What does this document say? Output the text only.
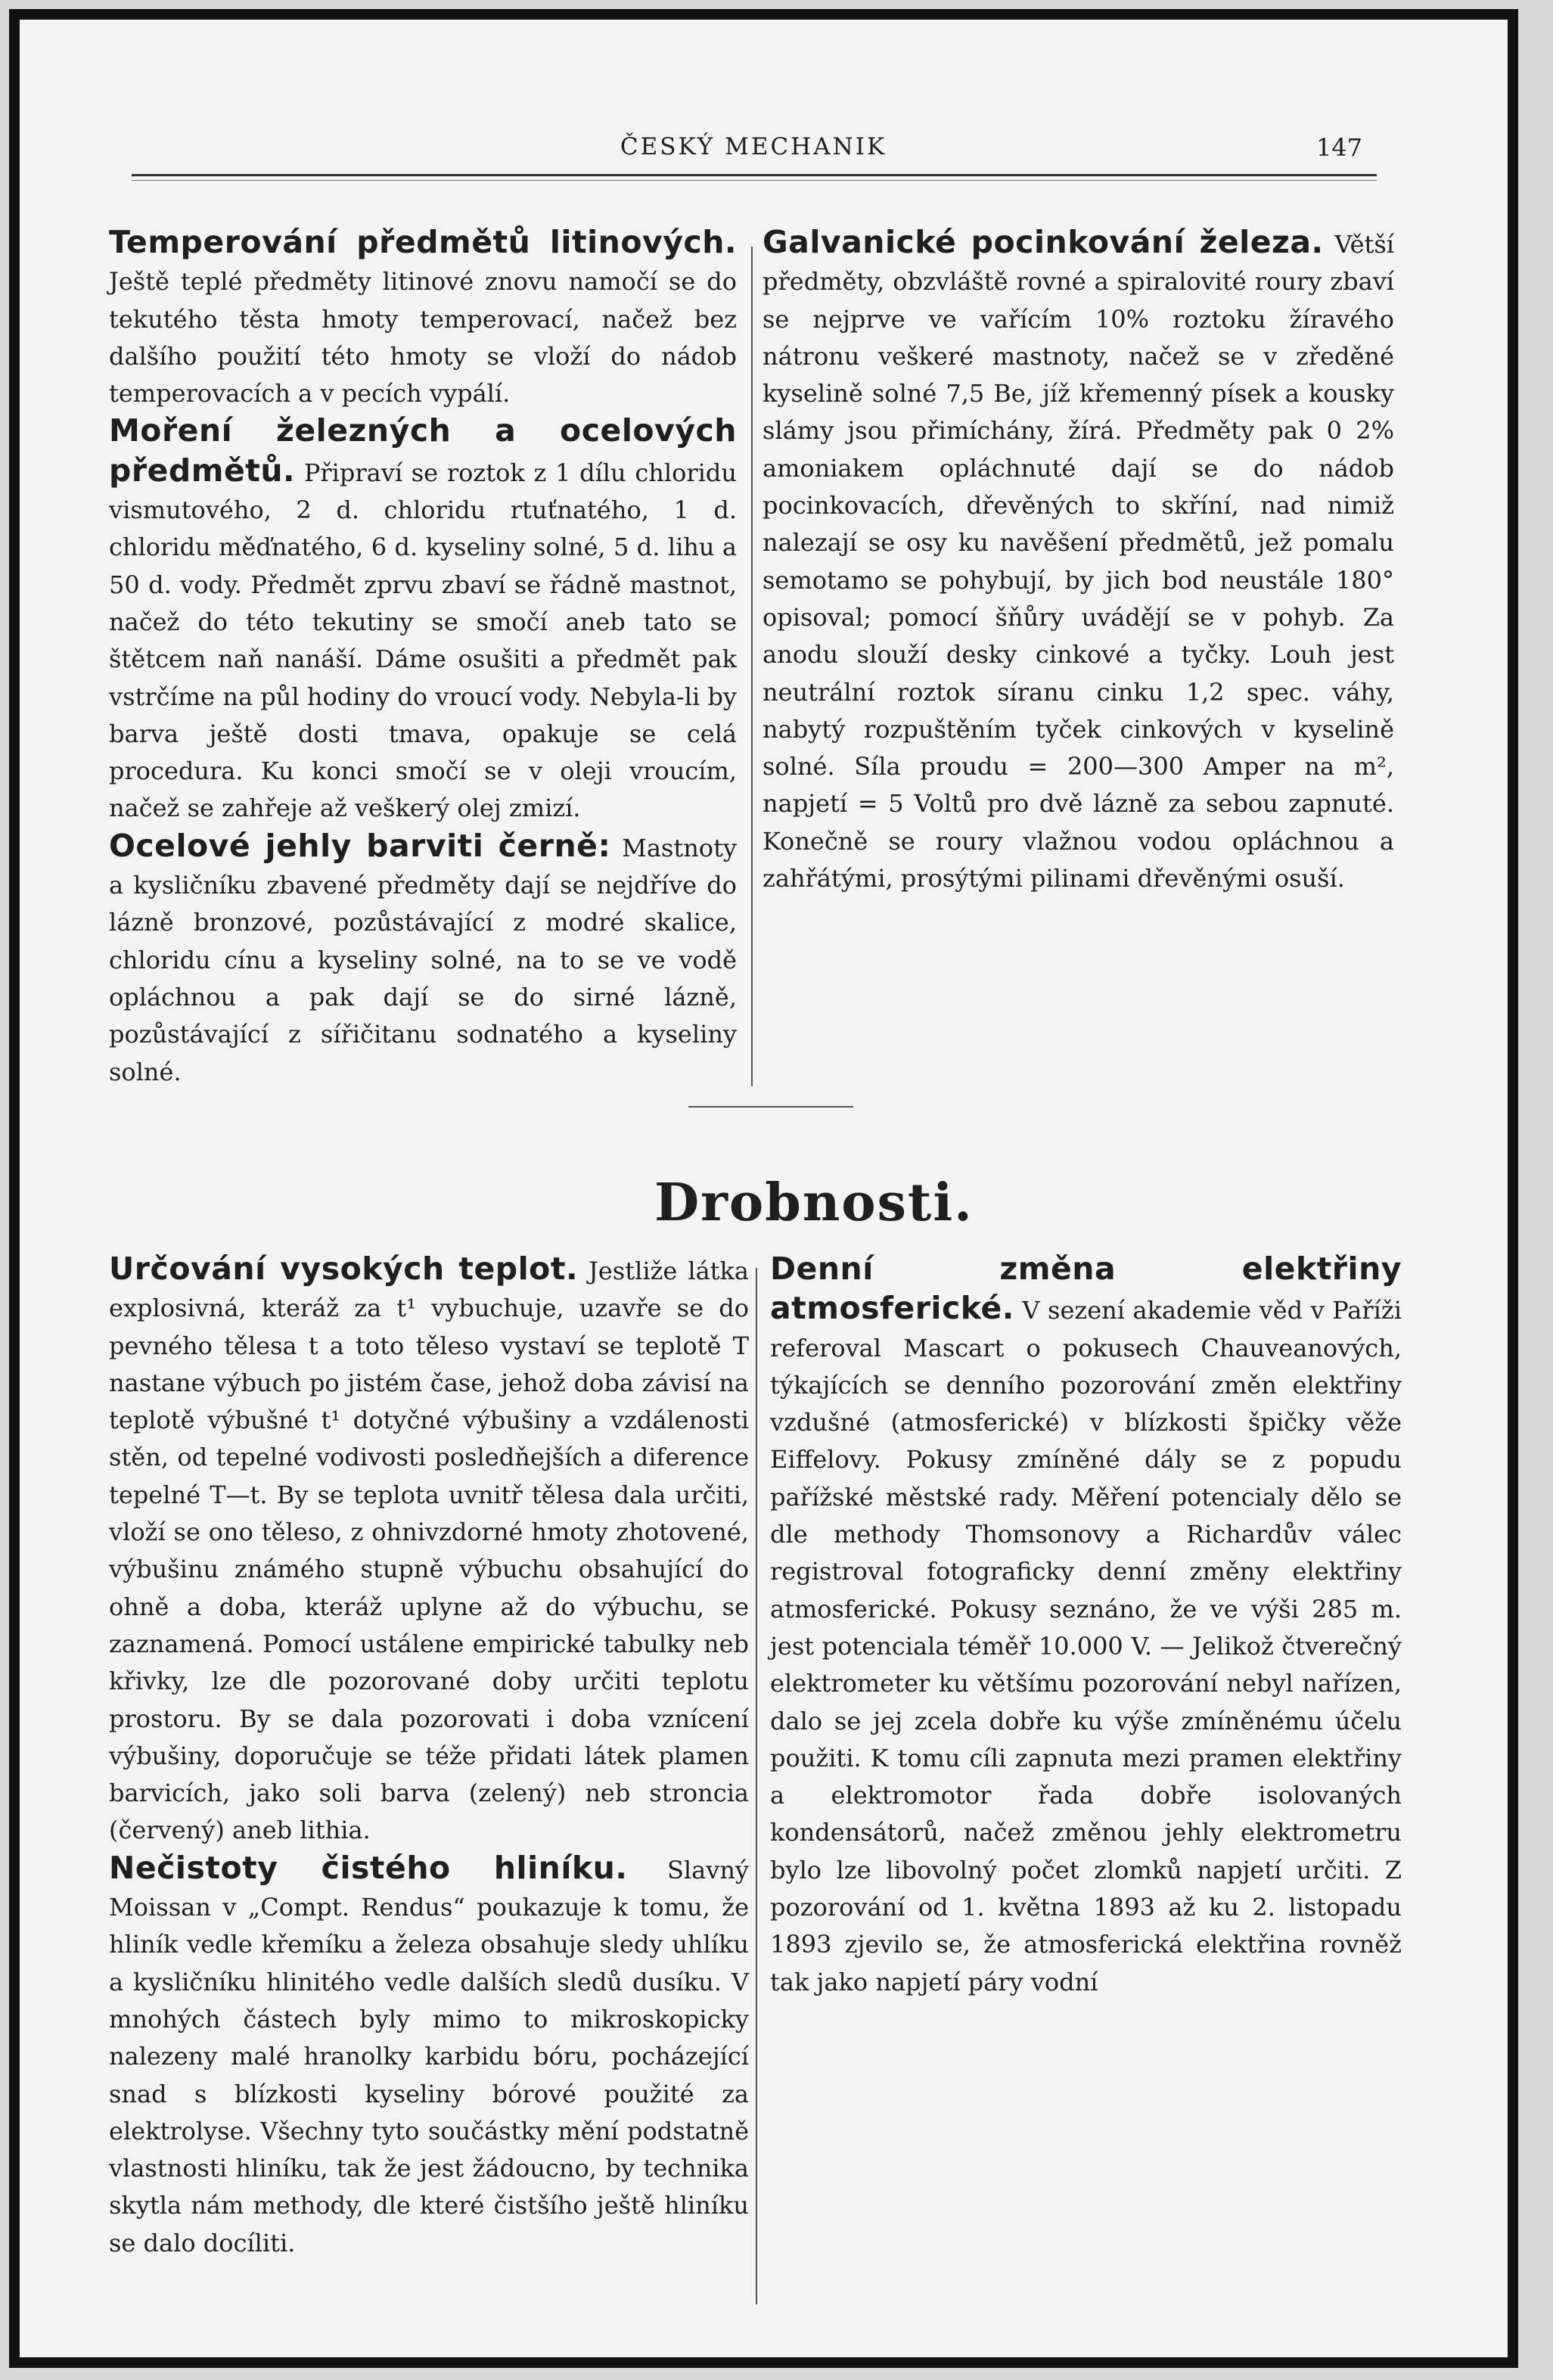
ČESKÝ MECHANIK	147

Temperování předmětů litinových. Ještě teplé předměty litinové znovu namočí se do tekutého těsta hmoty temperovací, načež bez dalšího použití této hmoty se vloží do nádob temperovacích a v pecích vypálí.

Moření železných a ocelových předmětů. Připraví se roztok z 1 dílu chloridu vismutového, 2 d. chloridu rtuťnatého, 1 d. chloridu měďnatého, 6 d. kyseliny solné, 5 d. lihu a 50 d. vody. Předmět zprvu zbaví se řádně mastnot, načež do této tekutiny se smočí aneb tato se štětcem naň nanáší. Dáme osušiti a předmět pak vstrčíme na půl hodiny do vroucí vody. Nebyla-li by barva ještě dosti tmava, opakuje se celá procedura. Ku konci smočí se v oleji vroucím, načež se zahřeje až veškerý olej zmizí.

Ocelové jehly barviti černě: Mastnoty a kysličníku zbavené předměty dají se nejdříve do lázně bronzové, pozůstávající z modré skalice, chloridu cínu a kyseliny solné, na to se ve vodě opláchnou a pak dají se do sirné lázně, pozůstávající z sířičitanu sodnatého a kyseliny solné.

Galvanické pocinkování železa. Větší předměty, obzvláště rovné a spiralovité roury zbaví se nejprve ve vařícím 10% roztoku žíravého nátronu veškeré mastnoty, načež se v zředěné kyselině solné 7,5 Be, jíž křemenný písek a kousky slámy jsou přimíchány, žírá. Předměty pak 0 2% amoniakem opláchnuté dají se do nádob pocinkovacích, dřevěných to skříní, nad nimiž nalezají se osy ku navěšení předmětů, jež pomalu semotamo se pohybují, by jich bod neustále 180° opisoval; pomocí šňůry uvádějí se v pohyb. Za anodu slouží desky cinkové a tyčky. Louh jest neutrální roztok síranu cinku 1,2 spec. váhy, nabytý rozpuštěním tyček cinkových v kyselině solné. Síla proudu = 200—300 Amper na m², napjetí = 5 Voltů pro dvě lázně za sebou zapnuté. Konečně se roury vlažnou vodou opláchnou a zahřátými, prosýtými pilinami dřevěnými osuší.

Drobnosti.

Určování vysokých teplot. Jestliže látka explosivná, kteráž za t¹ vybuchuje, uzavře se do pevného tělesa t a toto těleso vystaví se teplotě T nastane výbuch po jistém čase, jehož doba závisí na teplotě výbušné t¹ dotyčné výbušiny a vzdálenosti stěn, od tepelné vodivosti posledňejších a diference tepelné T—t. By se teplota uvnitř tělesa dala určiti, vloží se ono těleso, z ohnivzdorné hmoty zhotovené, výbušinu známého stupně výbuchu obsahující do ohně a doba, kteráž uplyne až do výbuchu, se zaznamená. Pomocí ustálene empirické tabulky neb křivky, lze dle pozorované doby určiti teplotu prostoru. By se dala pozorovati i doba vznícení výbušiny, doporučuje se téže přidati látek plamen barvicích, jako soli barva (zelený) neb stroncia (červený) aneb lithia.

Nečistoty čistého hliníku. Slavný Moissan v „Compt. Rendus“ poukazuje k tomu, že hliník vedle křemíku a železa obsahuje sledy uhlíku a kysličníku hlinitého vedle dalších sledů dusíku. V mnohých částech byly mimo to mikroskopicky nalezeny malé hranolky karbidu bóru, pocházející snad s blízkosti kyseliny bórové použité za elektrolyse. Všechny tyto součástky mění podstatně vlastnosti hliníku, tak že jest žádoucno, by technika skytla nám methody, dle které čistšího ještě hliníku se dalo docíliti.

Denní změna elektřiny atmosferické. V sezení akademie věd v Paříži referoval Mascart o pokusech Chauveanových, týkajících se denního pozorování změn elektřiny vzdušné (atmosferické) v blízkosti špičky věže Eiffelovy. Pokusy zmíněné dály se z popudu pařížské městské rady. Měření potencialy dělo se dle methody Thomsonovy a Richardův válec registroval fotograficky denní změny elektřiny atmosferické. Pokusy seznáno, že ve výši 285 m. jest potenciala téměř 10.000 V. — Jelikož čtverečný elektrometer ku většímu pozorování nebyl nařízen, dalo se jej zcela dobře ku výše zmíněnému účelu použiti. K tomu cíli zapnuta mezi pramen elektřiny a elektromotor řada dobře isolovaných kondensátorů, načež změnou jehly elektrometru bylo lze libovolný počet zlomků napjetí určiti. Z pozorování od 1. května 1893 až ku 2. listopadu 1893 zjevilo se, že atmosferická elektřina rovněž tak jako napjetí páry vodní
